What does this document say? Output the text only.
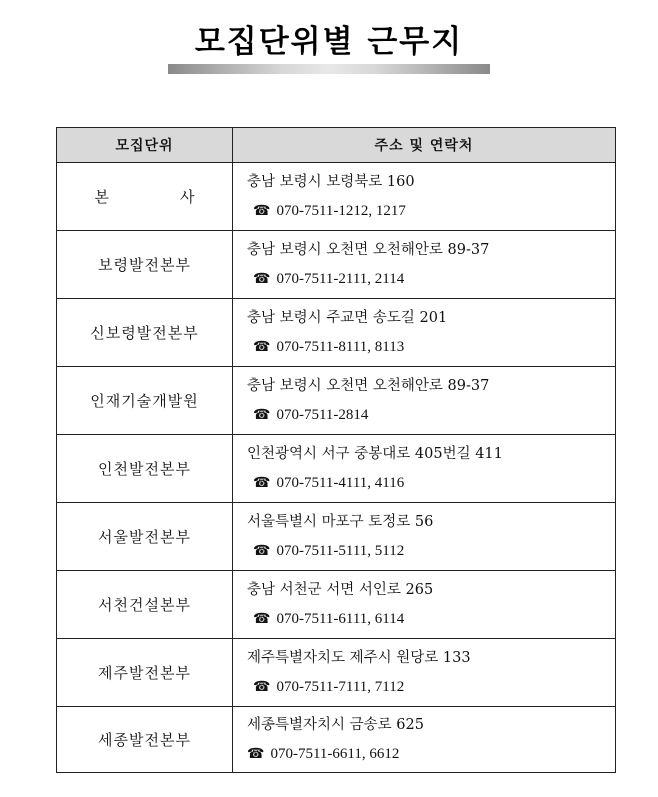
모집단위별 근무지
모집단위	주소 및 연락처
본 사	충남 보령시 보령북로 160
☎ 070-7511-1212, 1217

보령발전본부	충남 보령시 오천면 오천해안로 89-37
☎ 070-7511-2111, 2114

신보령발전본부	충남 보령시 주교면 송도길 201
☎ 070-7511-8111, 8113

인재기술개발원	충남 보령시 오천면 오천해안로 89-37
☎ 070-7511-2814

인천발전본부	인천광역시 서구 중봉대로 405번길 411
☎ 070-7511-4111, 4116

서울발전본부	서울특별시 마포구 토정로 56
☎ 070-7511-5111, 5112

서천건설본부	충남 서천군 서면 서인로 265
☎ 070-7511-6111, 6114

제주발전본부	제주특별자치도 제주시 원당로 133
☎ 070-7511-7111, 7112

세종발전본부	세종특별자치시 금송로 625
☎ 070-7511-6611, 6612
